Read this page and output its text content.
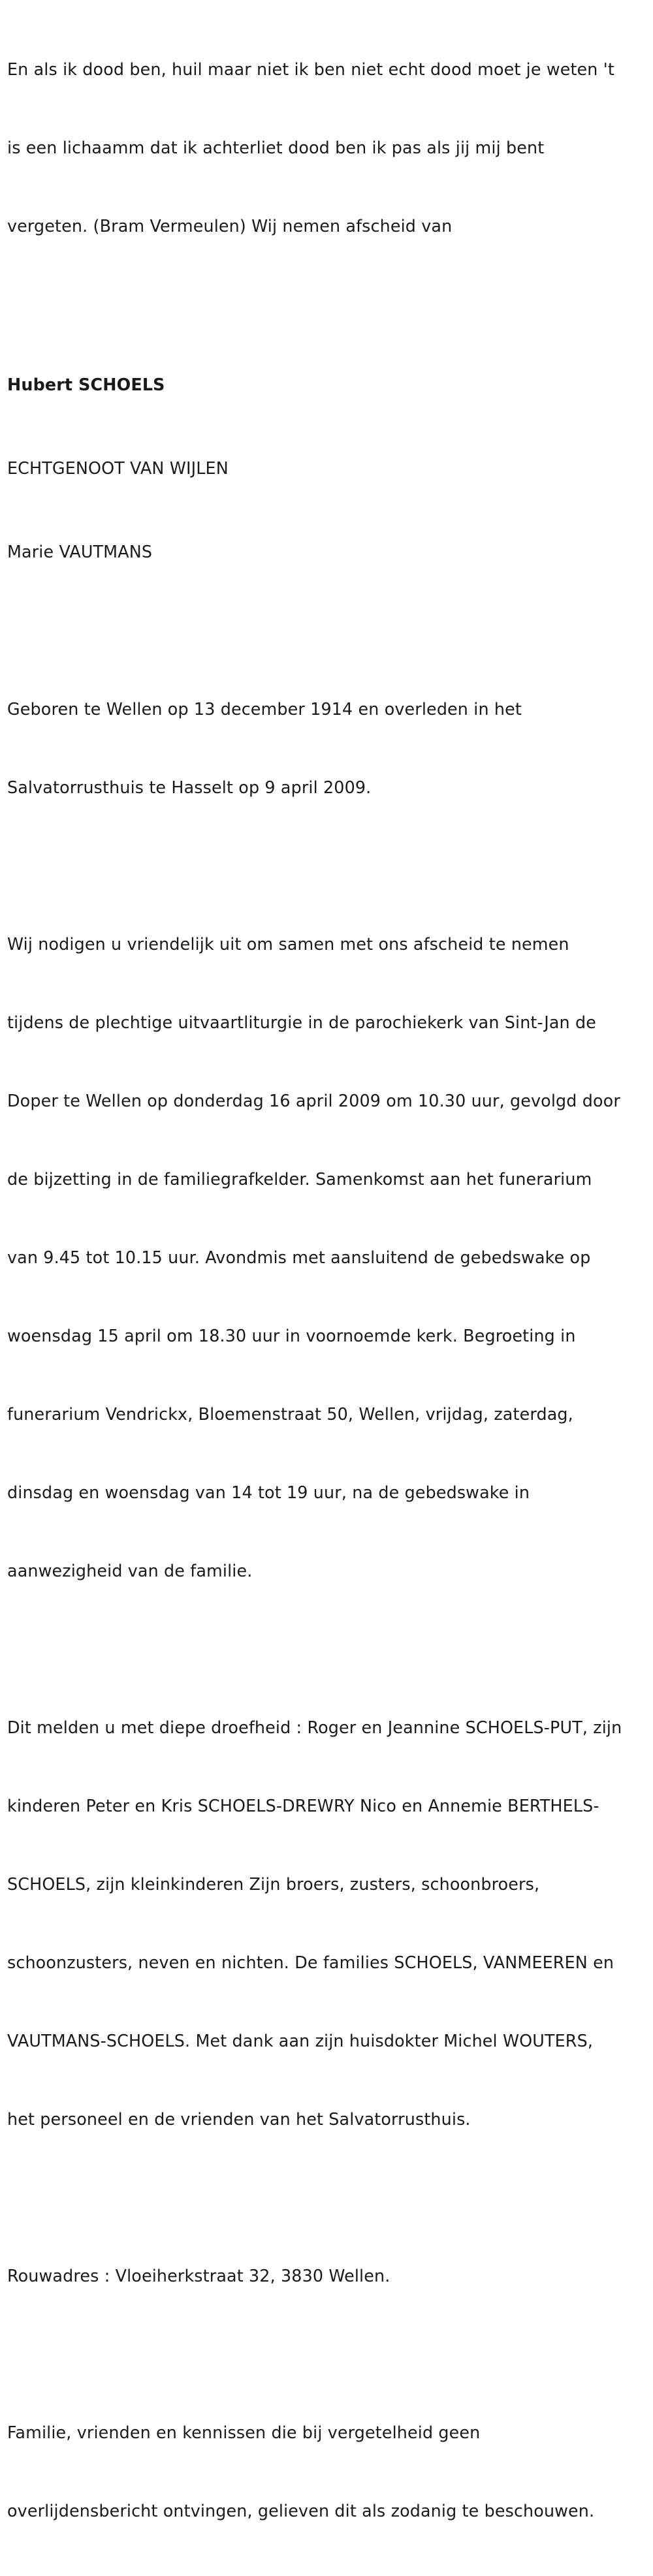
En als ik dood ben, huil maar niet ik ben niet echt dood moet je weten 't

is een lichaamm dat ik achterliet dood ben ik pas als jij mij bent

vergeten. (Bram Vermeulen) Wij nemen afscheid van

Hubert SCHOELS

ECHTGENOOT VAN WIJLEN

Marie VAUTMANS

Geboren te Wellen op 13 december 1914 en overleden in het

Salvatorrusthuis te Hasselt op 9 april 2009.

Wij nodigen u vriendelijk uit om samen met ons afscheid te nemen

tijdens de plechtige uitvaartliturgie in de parochiekerk van Sint-Jan de

Doper te Wellen op donderdag 16 april 2009 om 10.30 uur, gevolgd door

de bijzetting in de familiegrafkelder. Samenkomst aan het funerarium

van 9.45 tot 10.15 uur. Avondmis met aansluitend de gebedswake op

woensdag 15 april om 18.30 uur in voornoemde kerk. Begroeting in

funerarium Vendrickx, Bloemenstraat 50, Wellen, vrijdag, zaterdag,

dinsdag en woensdag van 14 tot 19 uur, na de gebedswake in

aanwezigheid van de familie.

Dit melden u met diepe droefheid : Roger en Jeannine SCHOELS-PUT, zijn

kinderen Peter en Kris SCHOELS-DREWRY Nico en Annemie BERTHELS-

SCHOELS, zijn kleinkinderen Zijn broers, zusters, schoonbroers,

schoonzusters, neven en nichten. De families SCHOELS, VANMEEREN en

VAUTMANS-SCHOELS. Met dank aan zijn huisdokter Michel WOUTERS,

het personeel en de vrienden van het Salvatorrusthuis.

Rouwadres : Vloeiherkstraat 32, 3830 Wellen.

Familie, vrienden en kennissen die bij vergetelheid geen

overlijdensbericht ontvingen, gelieven dit als zodanig te beschouwen.
